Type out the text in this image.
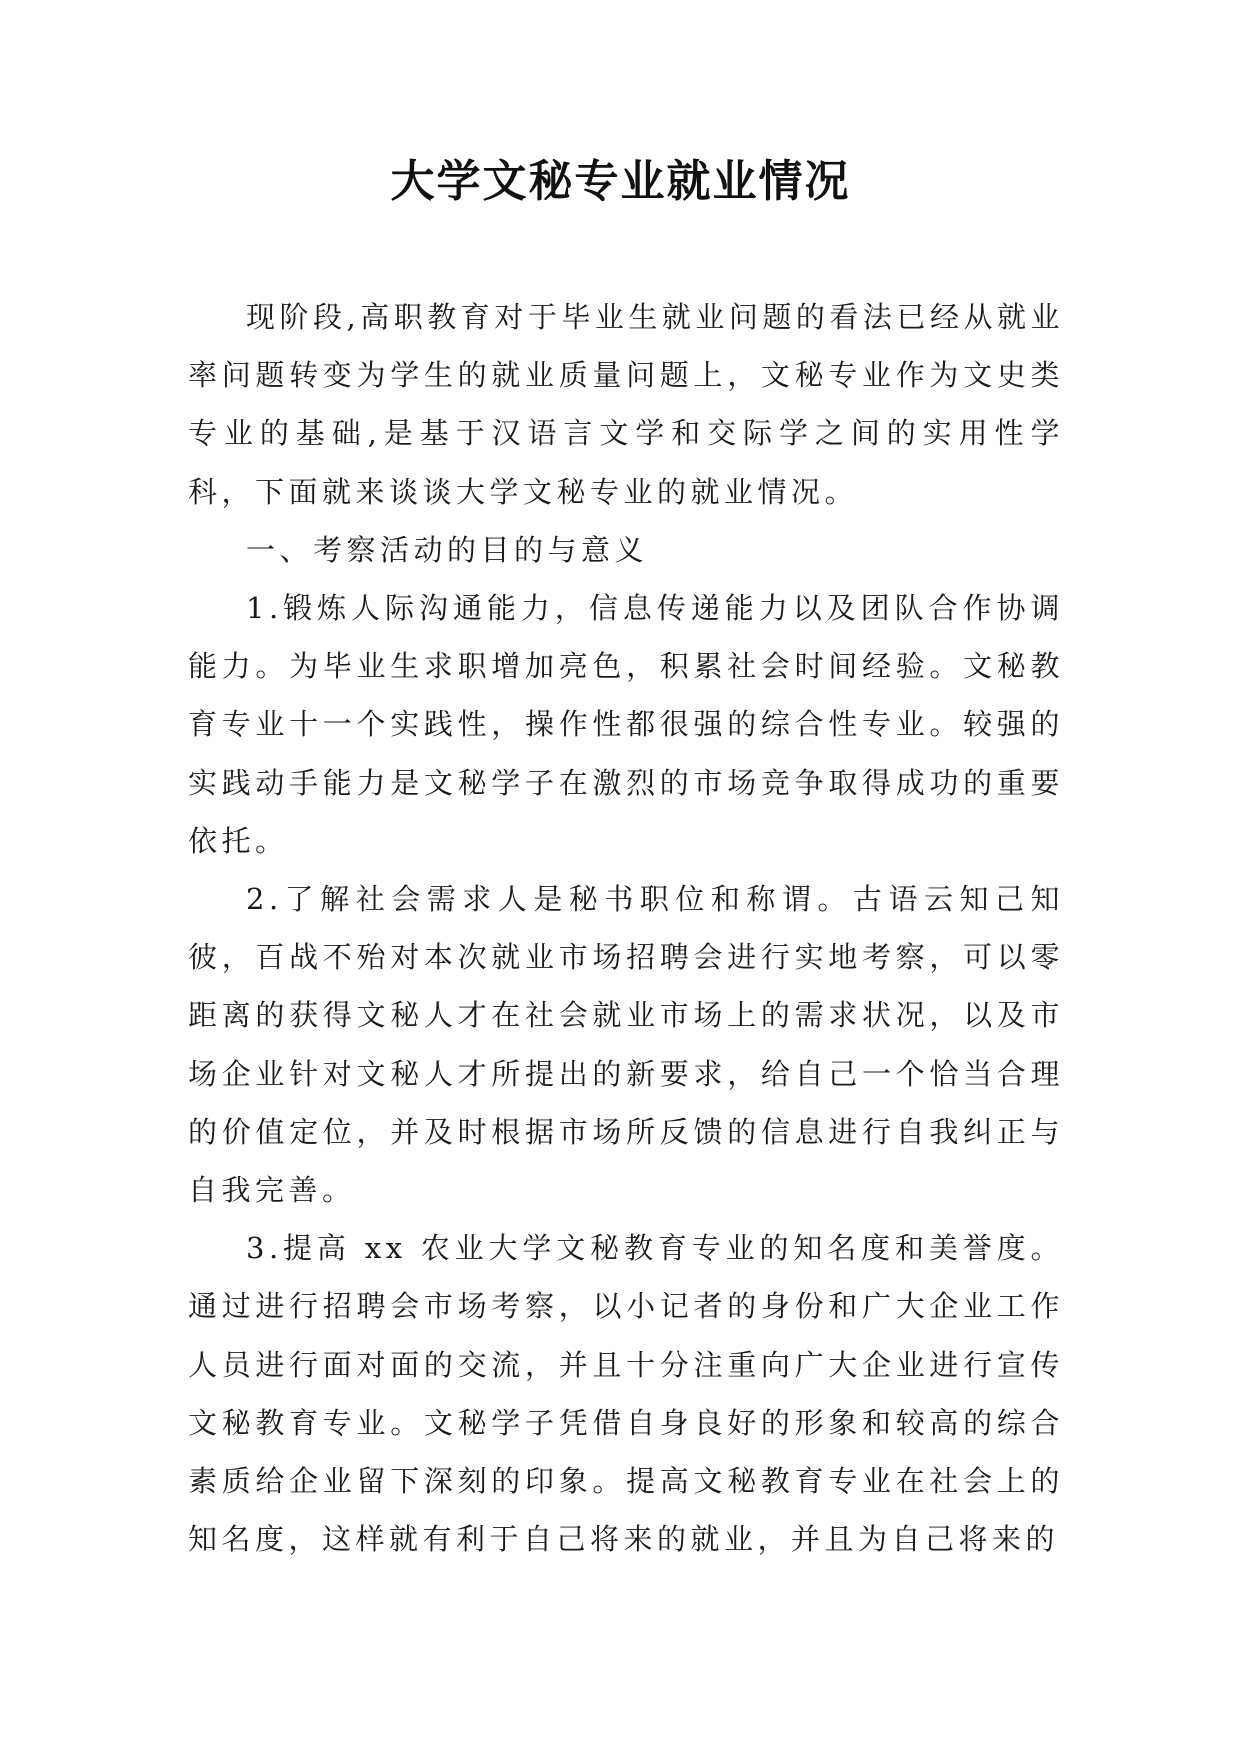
大学文秘专业就业情况

现阶段,高职教育对于毕业生就业问题的看法已经从就业率问题转变为学生的就业质量问题上，文秘专业作为文史类专业的基础,是基于汉语言文学和交际学之间的实用性学科，下面就来谈谈大学文秘专业的就业情况。

一、考察活动的目的与意义

1.锻炼人际沟通能力，信息传递能力以及团队合作协调能力。为毕业生求职增加亮色，积累社会时间经验。文秘教育专业十一个实践性，操作性都很强的综合性专业。较强的实践动手能力是文秘学子在激烈的市场竞争取得成功的重要依托。

2.了解社会需求人是秘书职位和称谓。古语云知己知彼，百战不殆对本次就业市场招聘会进行实地考察，可以零距离的获得文秘人才在社会就业市场上的需求状况，以及市场企业针对文秘人才所提出的新要求，给自己一个恰当合理的价值定位，并及时根据市场所反馈的信息进行自我纠正与自我完善。

3.提高 xx 农业大学文秘教育专业的知名度和美誉度。通过进行招聘会市场考察，以小记者的身份和广大企业工作人员进行面对面的交流，并且十分注重向广大企业进行宣传文秘教育专业。文秘学子凭借自身良好的形象和较高的综合素质给企业留下深刻的印象。提高文秘教育专业在社会上的知名度，这样就有利于自己将来的就业，并且为自己将来的
